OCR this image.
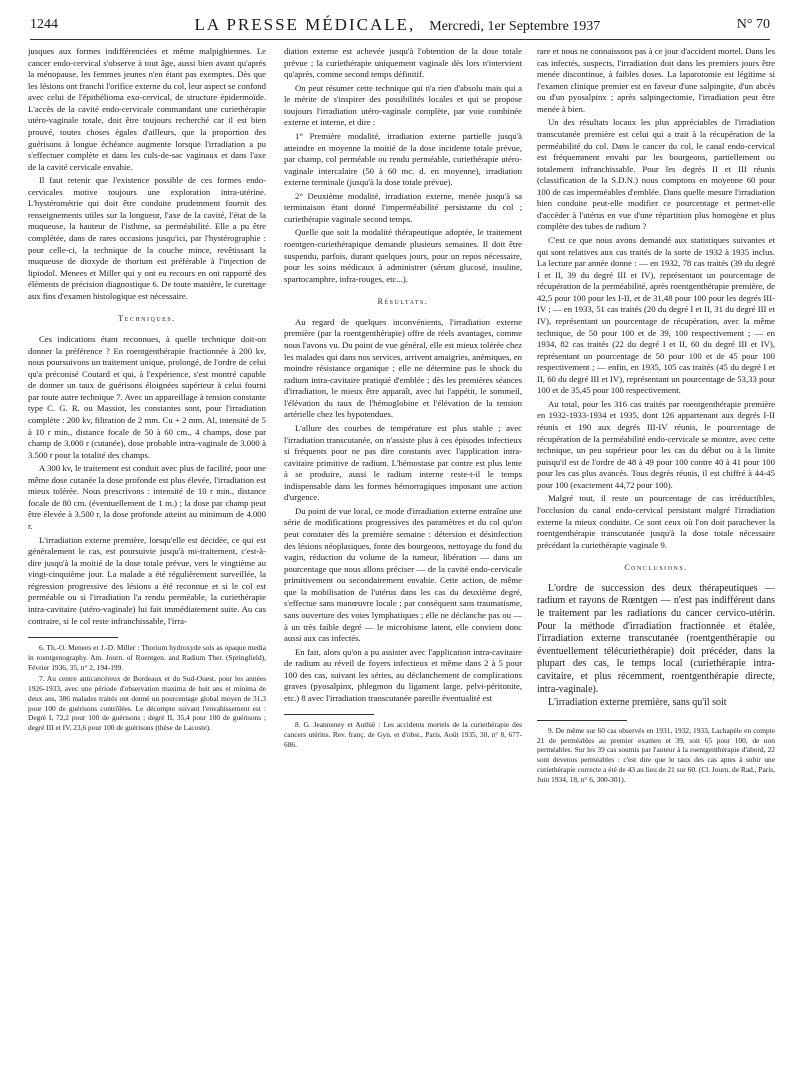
1244	LA PRESSE MÉDICALE, Mercredi, 1er Septembre 1937	N° 70

jusques aux formes indifférenciées et même malpighiennes. Le cancer endo-cervical s'observe à tout âge, aussi bien avant qu'après la ménopause, les femmes jeunes n'en étant pas exemptes. Dès que les lésions ont franchi l'orifice externe du col, leur aspect se confond avec celui de l'épithélioma exo-cervical, de structure épidermoïde. L'accès de la cavité endo-cervicale commandant une curiethérapie utéro-vaginale totale, doit être toujours recherché car il est bien prouvé, toutes choses égales d'ailleurs, que la proportion des guérisons à longue échéance augmente lorsque l'irradiation a pu s'effectuer complète et dans les culs-de-sac vaginaux et dans l'axe de la cavité cervicale envahie.

Il faut retenir que l'existence possible de ces formes endo-cervicales motive toujours une exploration intra-utérine. L'hystérométrie qui doit être conduite prudemment fournit des renseignements utiles sur la longueur, l'axe de la cavité, l'état de la muqueuse, la hauteur de l'isthme, sa perméabilité. Elle a pu être complétée, dans de rares occasions jusqu'ici, par l'hystérographie : pour celle-ci, la technique de la couche mince, revêtissant la muqueuse de dioxyde de thorium est préférable à l'injection de lipiodol. Menees et Miller qui y ont eu recours en ont rapporté des éléments de précision diagnostique 6. De toute manière, le curettage aux fins d'examen histologique est nécessaire.

Techniques.

Ces indications étant reconnues, à quelle technique doit-on donner la préférence ? En roentgenthérapie fractionnée à 200 kv, nous poursuivons un traitement unique, prolongé, de l'ordre de celui qu'a préconisé Coutard et qui, à l'expérience, s'est montré capable de donner un taux de guérisons éloignées supérieur à celui fourni par toute autre technique 7. Avec un appareillage à tension constante type C. G. R. ou Massiot, les constantes sont, pour l'irradiation complète : 200 kv, filtration de 2 mm. Cu + 2 mm. Al, intensité de 5 à 10 r min., distance focale de 50 à 60 cm., 4 champs, dose par champ de 3.000 r (cutanée), dose probable intra-vaginale de 3.000 à 3.500 r pour la totalité des champs.

A 300 kv, le traitement est conduit avec plus de facilité, pour une même dose cutanée la dose profonde est plus élevée, l'irradiation est mieux tolérée. Nous prescrivons : intensité de 10 r min., distance focale de 80 cm. (éventuellement de 1 m.) ; la dose par champ peut être élevée à 3.500 r, la dose profonde atteint au minimum de 4.000 r.

L'irradiation externe première, lorsqu'elle est décidée, ce qui est généralement le cas, est poursuivie jusqu'à mi-traitement, c'est-à-dire jusqu'à la moitié de la dose totale prévue, vers le vingtième au vingt-cinquième jour. La malade a été régulièrement surveillée, la régression progressive des lésions a été reconnue et si le col est perméable ou si l'irradiation l'a rendu perméable, la curiethérapie intra-cavitaire (utéro-vaginale) lui fait immédiatement suite. Au cas contraire, si le col reste infranchissable, l'irra-

6. Th.-O. Menees et J.-D. Miller : Thorium hydroxyde sols as opaque media in roentgenography. Am. Journ. of Roentgen. and Radium Ther. (Springfield), Février 1936, 35, n° 2, 194-199.

7. Au centre anticancéreux de Bordeaux et du Sud-Ouest, pour les années 1926-1933, avec une période d'observation maxima de huit ans et minima de deux ans, 386 malades traités ont donné un pourcentage global moyen de 31,3 pour 100 de guérisons contrôlées. Le décompte suivant l'envahissement est : Degré I, 72,2 pour 100 de guérisons ; degré II, 35,4 pour 100 de guérisons ; degré III et IV, 23,6 pour 100 de guérisons (thèse de Lacoste).

diation externe est achevée jusqu'à l'obtention de la dose totale prévue ; la curiethérapie uniquement vaginale dès lors n'intervient qu'après, comme second temps définitif.

On peut résumer cette technique qui n'a rien d'absolu mais qui a le mérite de s'inspirer des possibilités locales et qui se propose toujours l'irradiation utéro-vaginale complète, par voie combinée externe et interne, et dire :

1° Première modalité, irradiation externe partielle jusqu'à atteindre en moyenne la moitié de la dose incidente totale prévue, par champ, col perméable ou rendu perméable, curiethérapie utéro-vaginale intercalaire (50 à 60 mc. d. en moyenne), irradiation externe terminale (jusqu'à la dose totale prévue).

2° Deuxième modalité, irradiation externe, menée jusqu'à sa terminaison étant donné l'imperméabilité persistante du col ; curiethérapie vaginale second temps.

Quelle que soit la modalité thérapeutique adoptée, le traitement roentgen-curiethérapique demande plusieurs semaines. Il doit être suspendu, parfois, durant quelques jours, pour un repos nécessaire, pour les soins médicaux à administrer (sérum glucosé, insuline, spartocamphre, infra-rouges, etc...).

Résultats.

Au regard de quelques inconvénients, l'irradiation externe première (par la roentgenthérapie) offre de réels avantages, comme nous l'avons vu. Du point de vue général, elle est mieux tolérée chez les malades qui dans nos services, arrivent amaigries, anémiques, en moindre résistance organique ; elle ne détermine pas le shock du radium intra-cavitaire pratiqué d'emblée ; dès les premières séances d'irradiation, le mieux être apparaît, avec lui l'appétit, le sommeil, l'élévation du taux de l'hémoglobine et l'élévation de la tension artérielle chez les hypotendues.

L'allure des courbes de température est plus stable ; avec l'irradiation transcutanée, on n'assiste plus à ces épisodes infectieux si fréquents pour ne pas dire constants avec l'application intra-cavitaire primitive de radium. L'hémostase par contre est plus lente à se produire, aussi le radium interne reste-t-il le temps indispensable dans les formes hémorragiques imposant une action d'urgence.

Du point de vue local, ce mode d'irradiation externe entraîne une série de modifications progressives des paramètres et du col qu'on peut constater dès la première semaine : détersion et désinfection des lésions néoplasiques, fonte des bourgeons, nettoyage du fond du vagin, réduction du volume de la tumeur, libération — dans un pourcentage que nous allons préciser — de la cavité endo-cervicale primitivement ou secondairement envahie. Cette action, de même que la mobilisation de l'utérus dans les cas du deuxième degré, s'effectue sans manœuvre locale ; par conséquent sans traumatisme, sans ouverture des voies lymphatiques ; elle ne déclanche pas ou — à un très faible degré — le microbisme latent, elle convient donc aussi aux cas infectés.

En fait, alors qu'on a pu assister avec l'application intra-cavitaire de radium au réveil de foyers infectieux et même dans 2 à 5 pour 100 des cas, suivant les séries, au déclanchement de complications graves (pyosalpinx, phlegmon du ligament large, pelvi-péritonite, etc.) 8 avec l'irradiation transcutanée pareille éventualité est

8. G. Jeanneney et Authié : Les accidents mortels de la curiethérapie des cancers utérins. Rev. franç. de Gyn. et d'obst., Paris, Août 1935, 30, n° 8, 677-686.

rare et nous ne connaissons pas à ce jour d'accident mortel. Dans les cas infectés, suspects, l'irradiation doit dans les premiers jours être menée discontinue, à faibles doses. La laparotomie est légitime si l'examen clinique premier est en faveur d'une salpingite, d'un abcès ou d'un pyosalpinx ; après salpingectomie, l'irradiation peut être menée à bien.

Un des résultats locaux les plus appréciables de l'irradiation transcutanée première est celui qui a trait à la récupération de la perméabilité du col. Dans le cancer du col, le canal endo-cervical est fréquemment envahi par les bourgeons, partiellement ou totalement infranchissable. Pour les degrés II et III réunis (classification de la S.D.N.) nous comptons en moyenne 60 pour 100 de cas imperméables d'emblée. Dans quelle mesure l'irradiation bien conduite peut-elle modifier ce pourcentage et permet-elle d'accéder à l'utérus en vue d'une répartition plus homogène et plus complète des tubes de radium ?

C'est ce que nous avons demandé aux statistiques suivantes et qui sont relatives aux cas traités de la sorte de 1932 à 1935 inclus. La lecture par année donne : — en 1932, 78 cas traités (39 du degré I et II, 39 du degré III et IV), représentant un pourcentage de récupération de la perméabilité, après roentgenthérapie première, de 42,5 pour 100 pour les I-II, et de 31,48 pour 100 pour les degrés III-IV ; — en 1933, 51 cas traités (20 du degré I et II, 31 du degré III et IV), représentant un pourcentage de récupération, avec la même technique, de 50 pour 100 et de 39, 100 respectivement ; — en 1934, 82 cas traités (22 du degré I et II, 60 du degré III et IV), représentant un pourcentage de 50 pour 100 et de 45 pour 100 respectivement ; — enfin, en 1935, 105 cas traités (45 du degré I et II, 60 du degré III et IV), représentant un pourcentage de 53,33 pour 100 et de 35,45 pour 100 respectivement.

Au total, pour les 316 cas traités par roentgenthérapie première en 1932-1933-1934 et 1935, dont 126 appartenant aux degrés I-II réunis et 190 aux degrés III-IV réunis, le pourcentage de récupération de la perméabilité endo-cervicale se montre, avec cette technique, un peu supérieur pour les cas du début ou à la limite puisqu'il est de l'ordre de 48 à 49 pour 100 contre 40 à 41 pour 100 pour les cas plus avancés. Tous degrés réunis, il est chiffré à 44-45 pour 100 (exactement 44,72 pour 100).

Malgré tout, il reste un pourcentage de cas irréductibles, l'occlusion du canal endo-cervical persistant malgré l'irradiation externe la mieux conduite. Ce sont ceux où l'on doit parachever la roentgenthérapie transcutanée jusqu'à la dose totale nécessaire précédant la curiethérapie vaginale 9.

Conclusions.

L'ordre de succession des deux thérapeutiques — radium et rayons de Rœntgen — n'est pas indifférent dans le traitement par les radiations du cancer cervico-utérin. Pour la méthode d'irradiation fractionnée et étalée, l'irradiation externe transcutanée (roentgenthérapie ou éventuellement télécuriethérapie) doit précéder, dans la plupart des cas, le temps local (curiethérapie intra-cavitaire, et plus récemment, roentgenthérapie directe, intra-vaginale).

L'irradiation externe première, sans qu'il soit

9. De même sur 60 cas observés en 1931, 1932, 1933, Lachapèle en compte 21 de perméables au premier examen et 39, soit 65 pour 100, de non perméables. Sur les 39 cas soumis par l'auteur à la roentgenthérapie d'abord, 22 sont devenus perméables : c'est dire que le taux des cas aptes à subir une curiethérapie correcte a été de 43 au lieu de 21 sur 60. (Cl. Journ. de Rad., Paris, Juin 1934, 18, n° 6, 300-301).
